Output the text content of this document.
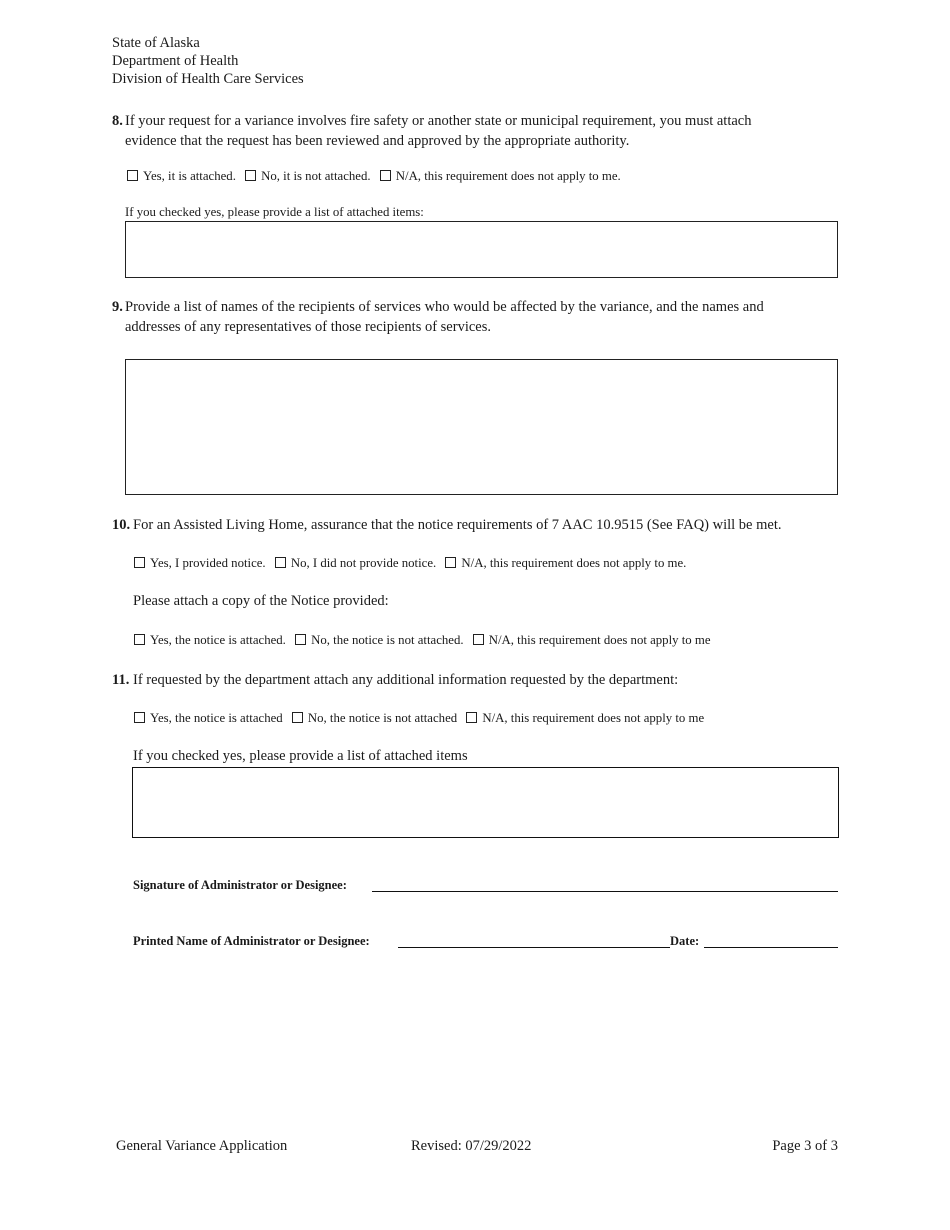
State of Alaska
Department of Health
Division of Health Care Services
8. If your request for a variance involves fire safety or another state or municipal requirement, you must attach
evidence that the request has been reviewed and approved by the appropriate authority.
Yes, it is attached. No, it is not attached. N/A, this requirement does not apply to me.
If you checked yes, please provide a list of attached items:
9. Provide a list of names of the recipients of services who would be affected by the variance, and the names and
addresses of any representatives of those recipients of services.
10. For an Assisted Living Home, assurance that the notice requirements of 7 AAC 10.9515 (See FAQ) will be met.
Yes, I provided notice. No, I did not provide notice. N/A, this requirement does not apply to me.
Please attach a copy of the Notice provided:
Yes, the notice is attached. No, the notice is not attached. N/A, this requirement does not apply to me
11. If requested by the department attach any additional information requested by the department:
Yes, the notice is attached No, the notice is not attached N/A, this requirement does not apply to me
If you checked yes, please provide a list of attached items
Signature of Administrator or Designee:
Printed Name of Administrator or Designee:	Date:
General Variance Application	Revised: 07/29/2022	Page 3 of 3
